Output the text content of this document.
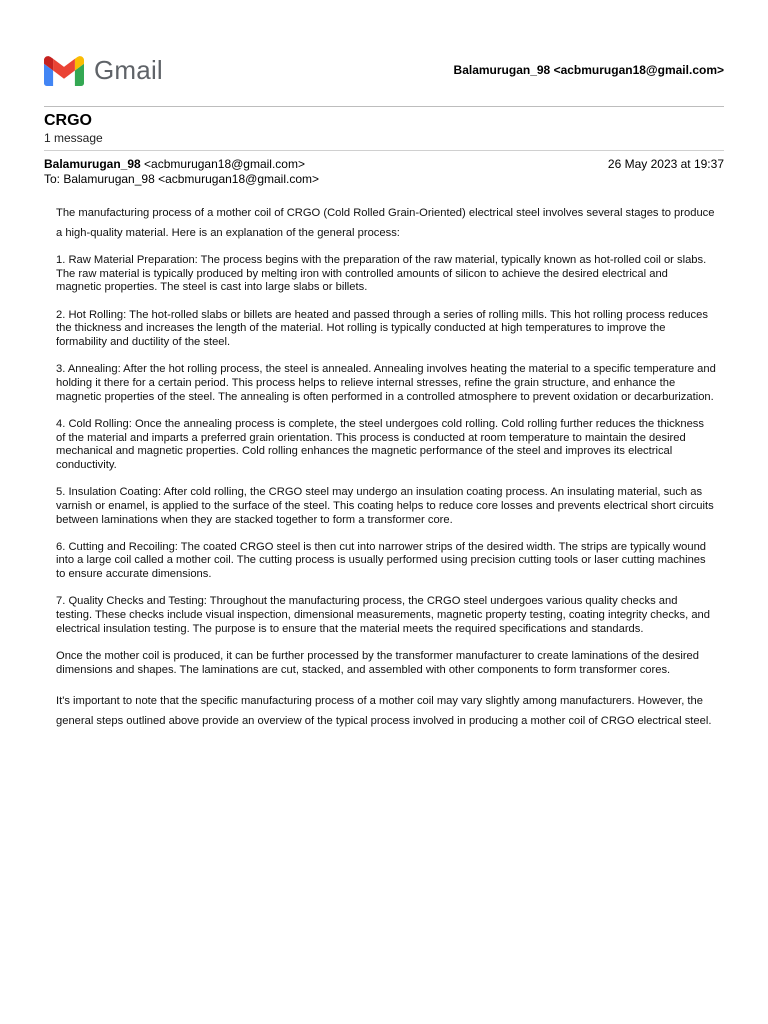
Gmail	Balamurugan_98 <acbmurugan18@gmail.com>
CRGO
1 message
Balamurugan_98 <acbmurugan18@gmail.com>	26 May 2023 at 19:37
To: Balamurugan_98 <acbmurugan18@gmail.com>

The manufacturing process of a mother coil of CRGO (Cold Rolled Grain-Oriented) electrical steel involves several stages to produce a high-quality material. Here is an explanation of the general process:

1. Raw Material Preparation: The process begins with the preparation of the raw material, typically known as hot-rolled coil or slabs. The raw material is typically produced by melting iron with controlled amounts of silicon to achieve the desired electrical and magnetic properties. The steel is cast into large slabs or billets.

2. Hot Rolling: The hot-rolled slabs or billets are heated and passed through a series of rolling mills. This hot rolling process reduces the thickness and increases the length of the material. Hot rolling is typically conducted at high temperatures to improve the formability and ductility of the steel.

3. Annealing: After the hot rolling process, the steel is annealed. Annealing involves heating the material to a specific temperature and holding it there for a certain period. This process helps to relieve internal stresses, refine the grain structure, and enhance the magnetic properties of the steel. The annealing is often performed in a controlled atmosphere to prevent oxidation or decarburization.

4. Cold Rolling: Once the annealing process is complete, the steel undergoes cold rolling. Cold rolling further reduces the thickness of the material and imparts a preferred grain orientation. This process is conducted at room temperature to maintain the desired mechanical and magnetic properties. Cold rolling enhances the magnetic performance of the steel and improves its electrical conductivity.

5. Insulation Coating: After cold rolling, the CRGO steel may undergo an insulation coating process. An insulating material, such as varnish or enamel, is applied to the surface of the steel. This coating helps to reduce core losses and prevents electrical short circuits between laminations when they are stacked together to form a transformer core.

6. Cutting and Recoiling: The coated CRGO steel is then cut into narrower strips of the desired width. The strips are typically wound into a large coil called a mother coil. The cutting process is usually performed using precision cutting tools or laser cutting machines to ensure accurate dimensions.

7. Quality Checks and Testing: Throughout the manufacturing process, the CRGO steel undergoes various quality checks and testing. These checks include visual inspection, dimensional measurements, magnetic property testing, coating integrity checks, and electrical insulation testing. The purpose is to ensure that the material meets the required specifications and standards.

Once the mother coil is produced, it can be further processed by the transformer manufacturer to create laminations of the desired dimensions and shapes. The laminations are cut, stacked, and assembled with other components to form transformer cores.

It's important to note that the specific manufacturing process of a mother coil may vary slightly among manufacturers. However, the general steps outlined above provide an overview of the typical process involved in producing a mother coil of CRGO electrical steel.
